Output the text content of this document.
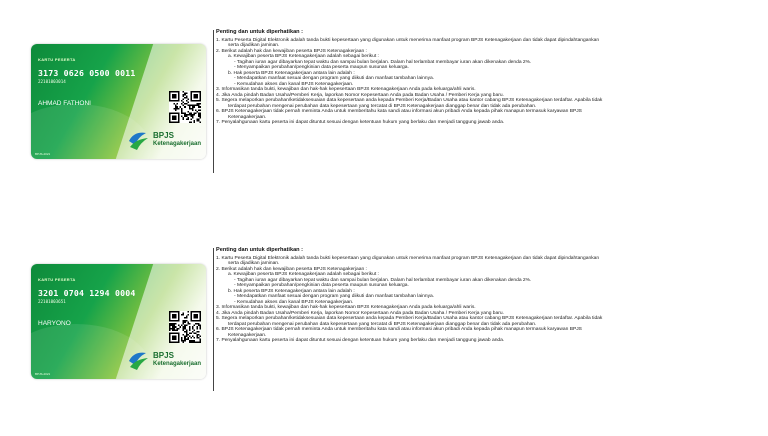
KARTU PESERTA
3173 0626 0500 0011
22101003014
AHMAD FATHONI
BPJS-2021
BPJS
Ketenagakerjaan
Penting dan untuk diperhatikan :
1. Kartu Peserta Digital Elektronik adalah tanda bukti kepesertaan yang digunakan untuk menerima manfaat program BPJS Ketenagakerjaan dan tidak dapat dipindahtangankan
serta dijadikan jaminan.
2. Berikut adalah hak dan kewajiban peserta BPJS Ketenagakerjaan :
a. Kewajiban peserta BPJS Ketenagakerjaan adalah sebagai berikut :
- Tagihan iuran agar dibayarkan tepat waktu dan sampai bulan berjalan. Dalam hal terlambat membayar iuran akan dikenakan denda 2%.
- Menyampaikan perubahan/pengkinian data peserta maupun susunan keluarga.
b. Hak peserta BPJS Ketenagakerjaan antara lain adalah :
- Mendapatkan manfaat sesuai dengan program yang diikuti dan manfaat tambahan lainnya.
- Kemudahan akses dan kanal BPJS Ketenagakerjaan.
3. Informasikan tanda bukti, kewajiban dan hak-hak kepesertaan BPJS Ketenagakerjaan Anda pada keluarga/ahli waris.
4. Jika Anda pindah Badan Usaha/Pemberi Kerja, laporkan Nomor Kepesertaan Anda pada Badan Usaha / Pemberi Kerja yang baru.
5. Segera melaporkan perubahan/ketidaksesuaian data kepesertaan anda kepada Pemberi Kerja/Badan Usaha atau kantor cabang BPJS Ketenagakerjaan terdaftar. Apabila tidak
terdapat perubahan mengenai perubahan data kepesertaan yang tercatat di BPJS Ketenagakerjaan dianggap benar dan tidak ada perubahan.
6. BPJS Ketenagakerjaan tidak pernah meminta Anda untuk memberitahu kata sandi atau informasi akun pribadi Anda kepada pihak manapun termasuk karyawan BPJS
Ketenagakerjaan.
7. Penyalahgunaan kartu peserta ini dapat dituntut sesuai dengan ketentuan hukum yang berlaku dan menjadi tanggung jawab anda.
KARTU PESERTA
3201 0704 1294 0004
22101003651
HARYONO
BPJS-2021
BPJS
Ketenagakerjaan
Penting dan untuk diperhatikan :
1. Kartu Peserta Digital Elektronik adalah tanda bukti kepesertaan yang digunakan untuk menerima manfaat program BPJS Ketenagakerjaan dan tidak dapat dipindahtangankan
serta dijadikan jaminan.
2. Berikut adalah hak dan kewajiban peserta BPJS Ketenagakerjaan :
a. Kewajiban peserta BPJS Ketenagakerjaan adalah sebagai berikut :
- Tagihan iuran agar dibayarkan tepat waktu dan sampai bulan berjalan. Dalam hal terlambat membayar iuran akan dikenakan denda 2%.
- Menyampaikan perubahan/pengkinian data peserta maupun susunan keluarga.
b. Hak peserta BPJS Ketenagakerjaan antara lain adalah :
- Mendapatkan manfaat sesuai dengan program yang diikuti dan manfaat tambahan lainnya.
- Kemudahan akses dan kanal BPJS Ketenagakerjaan.
3. Informasikan tanda bukti, kewajiban dan hak-hak kepesertaan BPJS Ketenagakerjaan Anda pada keluarga/ahli waris.
4. Jika Anda pindah Badan Usaha/Pemberi Kerja, laporkan Nomor Kepesertaan Anda pada Badan Usaha / Pemberi Kerja yang baru.
5. Segera melaporkan perubahan/ketidaksesuaian data kepesertaan anda kepada Pemberi Kerja/Badan Usaha atau kantor cabang BPJS Ketenagakerjaan terdaftar. Apabila tidak
terdapat perubahan mengenai perubahan data kepesertaan yang tercatat di BPJS Ketenagakerjaan dianggap benar dan tidak ada perubahan.
6. BPJS Ketenagakerjaan tidak pernah meminta Anda untuk memberitahu kata sandi atau informasi akun pribadi Anda kepada pihak manapun termasuk karyawan BPJS
Ketenagakerjaan.
7. Penyalahgunaan kartu peserta ini dapat dituntut sesuai dengan ketentuan hukum yang berlaku dan menjadi tanggung jawab anda.
